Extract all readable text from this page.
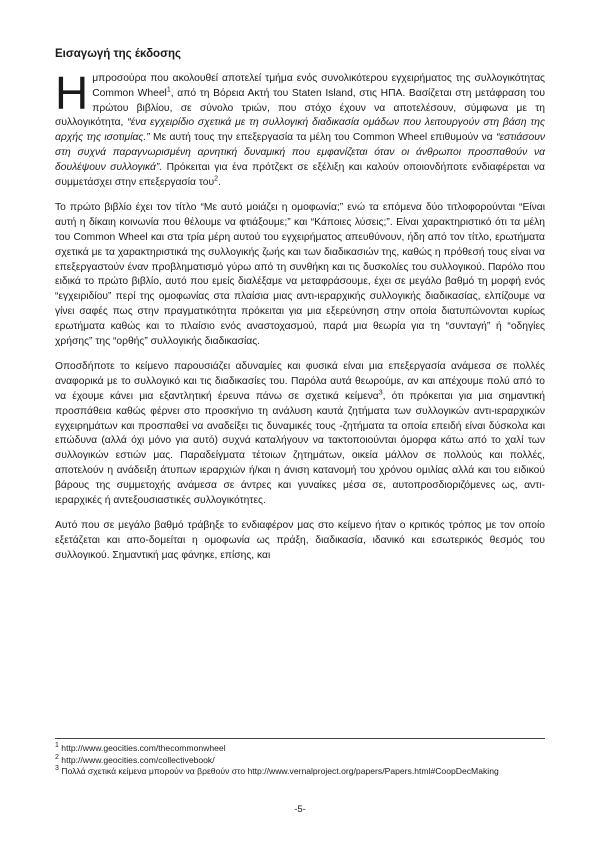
Εισαγωγή της έκδοσης

Ημπροσούρα που ακολουθεί αποτελεί τμήμα ενός συνολικότερου εγχειρήματος της συλλογικότητας Common Wheel$^1$, από τη Βόρεια Ακτή του Staten Island, στις ΗΠΑ. Βασίζεται στη μετάφραση του πρώτου βιβλίου, σε σύνολο τριών, που στόχο έχουν να αποτελέσουν, σύμφωνα με τη συλλογικότητα, “ένα εγχειρίδιο σχετικά με τη συλλογική διαδικασία ομάδων που λειτουργούν στη βάση της αρχής της ισοτιμίας.” Με αυτή τους την επεξεργασία τα μέλη του Common Wheel επιθυμούν να “εστιάσουν στη συχνά παραγνωρισμένη αρνητική δυναμική που εμφανίζεται όταν οι άνθρωποι προσπαθούν να δουλέψουν συλλογικά”. Πρόκειται για ένα πρότζεκτ σε εξέλιξη και καλούν οποιονδήποτε ενδιαφέρεται να συμμετάσχει στην επεξεργασία του$^2$.

Το πρώτο βιβλίο έχει τον τίτλο “Με αυτό μοιάζει η ομοφωνία;” ενώ τα επόμενα δύο τιτλοφορούνται “Είναι αυτή η δίκαιη κοινωνία που θέλουμε να φτιάξουμε;” και “Κάποιες λύσεις;”. Είναι χαρακτηριστικό ότι τα μέλη του Common Wheel και στα τρία μέρη αυτού του εγχειρήματος απευθύνουν, ήδη από τον τίτλο, ερωτήματα σχετικά με τα χαρακτηριστικά της συλλογικής ζωής και των διαδικασιών της, καθώς η πρόθεσή τους είναι να επεξεργαστούν έναν προβληματισμό γύρω από τη συνθήκη και τις δυσκολίες του συλλογικού. Παρόλο που ειδικά το πρώτο βιβλίο, αυτό που εμείς διαλέξαμε να μεταφράσουμε, έχει σε μεγάλο βαθμό τη μορφή ενός “εγχειριδίου” περί της ομοφωνίας στα πλαίσια μιας αντι-ιεραρχικής συλλογικής διαδικασίας, ελπίζουμε να γίνει σαφές πως στην πραγματικότητα πρόκειται για μια εξερεύνηση στην οποία διατυπώνονται κυρίως ερωτήματα καθώς και το πλαίσιο ενός αναστοχασμού, παρά μια θεωρία για τη “συνταγή” ή “οδηγίες χρήσης” της “ορθής” συλλογικής διαδικασίας.

Οποσδήποτε το κείμενο παρουσιάζει αδυναμίες και φυσικά είναι μια επεξεργασία ανάμεσα σε πολλές αναφορικά με το συλλογικό και τις διαδικασίες του. Παρόλα αυτά θεωρούμε, αν και απέχουμε πολύ από το να έχουμε κάνει μια εξαντλητική έρευνα πάνω σε σχετικά κείμενα$^3$, ότι πρόκειται για μια σημαντική προσπάθεια καθώς φέρνει στο προσκήνιο τη ανάλυση καυτά ζητήματα των συλλογικών αντι-ιεραρχικών εγχειρημάτων και προσπαθεί να αναδείξει τις δυναμικές τους -ζητήματα τα οποία επειδή είναι δύσκολα και επώδυνα (αλλά όχι μόνο για αυτό) συχνά καταλήγουν να τακτοποιούνται όμορφα κάτω από το χαλί των συλλογικών εστιών μας. Παραδείγματα τέτοιων ζητημάτων, οικεία μάλλον σε πολλούς και πολλές, αποτελούν η ανάδειξη άτυπων ιεραρχιών ή/και η άνιση κατανομή του χρόνου ομιλίας αλλά και του ειδικού βάρους της συμμετοχής ανάμεσα σε άντρες και γυναίκες μέσα σε, αυτοπροσδιοριζόμενες ως, αντι-ιεραρχικές ή αντεξουσιαστικές συλλογικότητες.

Αυτό που σε μεγάλο βαθμό τράβηξε το ενδιαφέρον μας στο κείμενο ήταν ο κριτικός τρόπος με τον οποίο εξετάζεται και απο-δομείται η ομοφωνία ως πράξη, διαδικασία, ιδανικό και εσωτερικός θεσμός του συλλογικού. Σημαντική μας φάνηκε, επίσης, και

$^1$ http://www.geocities.com/thecommonwheel

$^2$ http://www.geocities.com/collectivebook/

$^3$ Πολλά σχετικά κείμενα μπορούν να βρεθούν στο http://www.vernalproject.org/papers/Papers.html#CoopDecMaking

-5-
